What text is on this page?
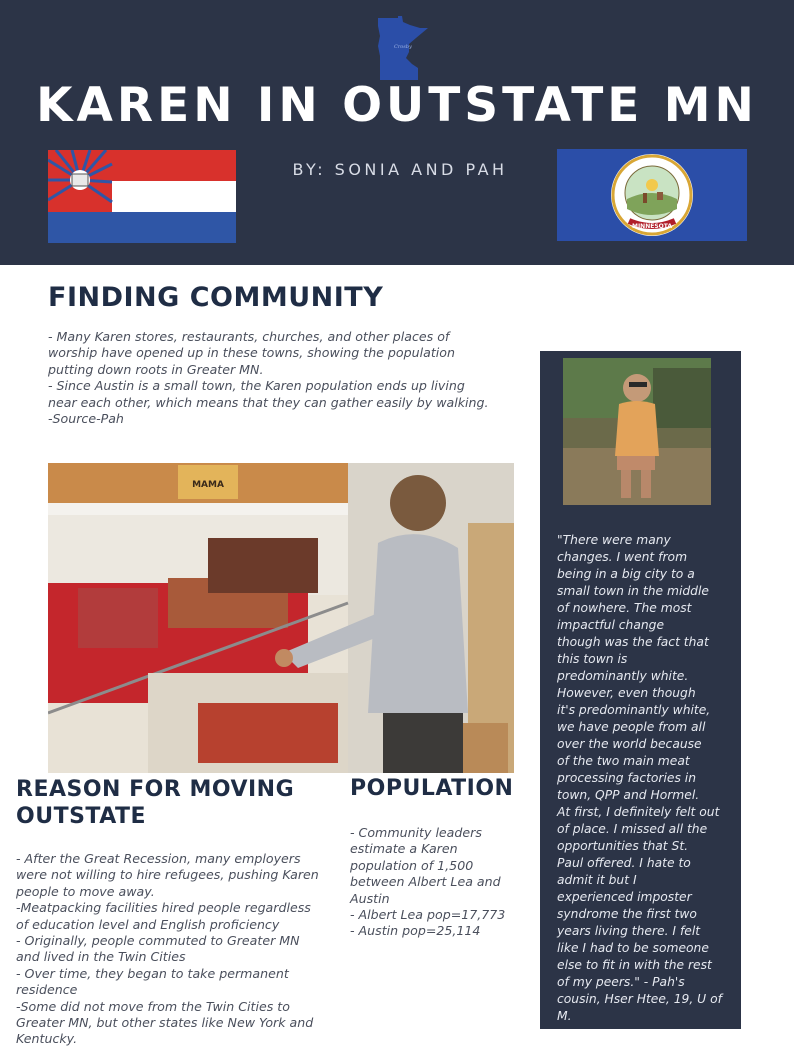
Crosby
KAREN IN OUTSTATE MN
BY: SONIA AND PAH
MINNESOTA
FINDING COMMUNITY
- Many Karen stores, restaurants, churches, and other places of
worship have opened up in these towns, showing the population
putting down roots in Greater MN.
- Since Austin is a small town, the Karen population ends up living
near each other, which means that they can gather easily by walking.
-Source-Pah
MAMA
REASON FOR MOVING
OUTSTATE
- After the Great Recession, many employers
were not willing to hire refugees, pushing Karen
people to move away.
-Meatpacking facilities hired people regardless
of education level and English proficiency
- Originally, people commuted to Greater MN
and lived in the Twin Cities
- Over time, they began to take permanent
residence
-Some did not move from the Twin Cities to
Greater MN, but other states like New York and
Kentucky.
POPULATION
- Community leaders
estimate a Karen
population of 1,500
between Albert Lea and
Austin
- Albert Lea pop=17,773
- Austin pop=25,114
"There were many
changes. I went from
being in a big city to a
small town in the middle
of nowhere. The most
impactful change
though was the fact that
this town is
predominantly white.
However, even though
it's predominantly white,
we have people from all
over the world because
of the two main meat
processing factories in
town, QPP and Hormel.
At first, I definitely felt out
of place. I missed all the
opportunities that St.
Paul offered. I hate to
admit it but I
experienced imposter
syndrome the first two
years living there. I felt
like I had to be someone
else to fit in with the rest
of my peers." - Pah's
cousin, Hser Htee, 19, U of
M.
